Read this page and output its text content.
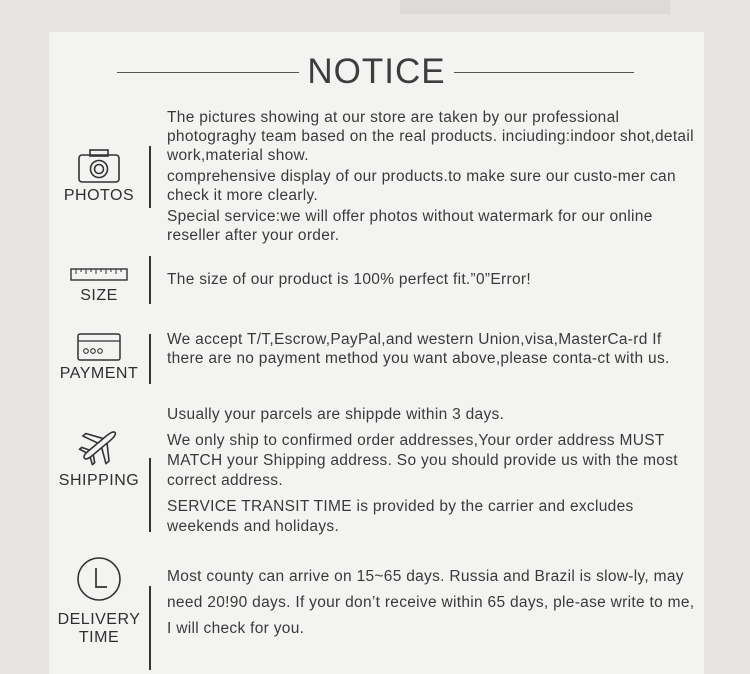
NOTICE
PHOTOS

The pictures showing at our store are taken by our professional photograghy team based on the real products. inciuding:indoor shot,detail work,material show.

comprehensive display of our products.to make sure our custo-mer can check it more clearly.

Special service:we will offer photos without watermark for our online reseller after your order.

SIZE

The size of our product is 100% perfect fit.”0”Error!

PAYMENT

We accept T/T,Escrow,PayPal,and western Union,visa,MasterCa-rd If there are no payment method you want above,please conta-ct with us.

SHIPPING

Usually your parcels are shippde within 3 days.

We only ship to confirmed order addresses,Your order address MUST MATCH your Shipping address. So you should provide us with the most correct address.

SERVICE TRANSIT TIME is provided by the carrier and excludes weekends and holidays.

DELIVERY
TIME

Most county can arrive on 15~65 days. Russia and Brazil is slow-ly, may need 20!90 days. If your don’t receive within 65 days, ple-ase write to me, I will check for you.
